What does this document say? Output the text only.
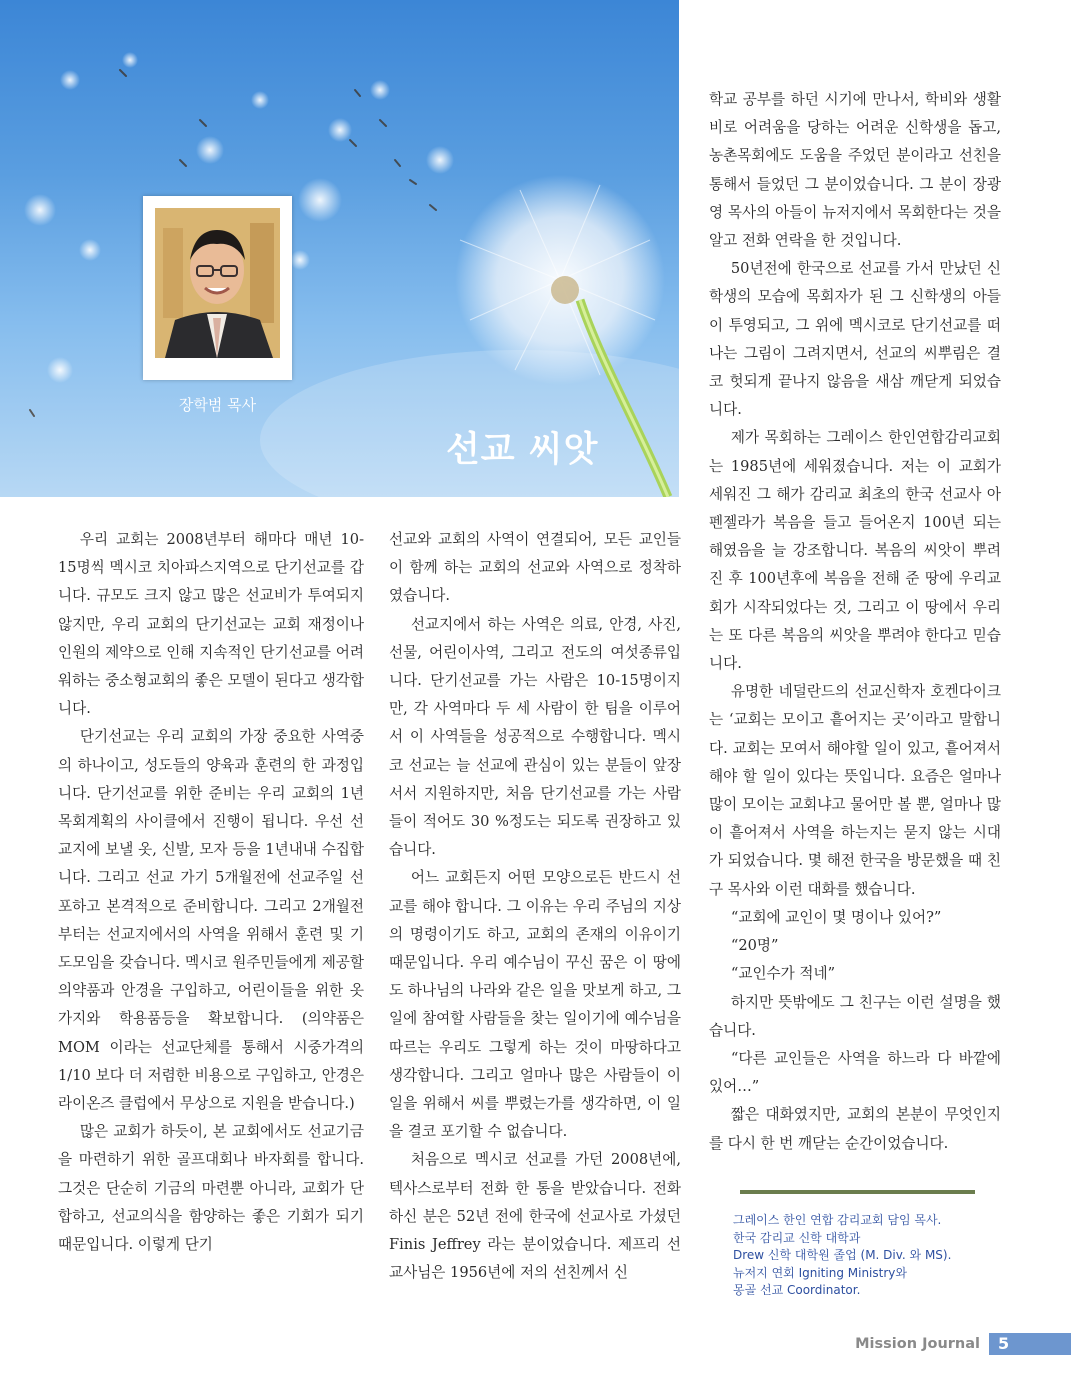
장학범 목사
선교 씨앗

우리 교회는 2008년부터 해마다 매년 10-15명씩 멕시코 치아파스지역으로 단기선교를 갑니다. 규모도 크지 않고 많은 선교비가 투여되지 않지만, 우리 교회의 단기선교는 교회 재정이나 인원의 제약으로 인해 지속적인 단기선교를 어려워하는 중소형교회의 좋은 모델이 된다고 생각합니다.

단기선교는 우리 교회의 가장 중요한 사역중의 하나이고, 성도들의 양육과 훈련의 한 과정입니다. 단기선교를 위한 준비는 우리 교회의 1년 목회계획의 사이클에서 진행이 됩니다. 우선 선교지에 보낼 옷, 신발, 모자 등을 1년내내 수집합니다. 그리고 선교 가기 5개월전에 선교주일 선포하고 본격적으로 준비합니다. 그리고 2개월전부터는 선교지에서의 사역을 위해서 훈련 및 기도모임을 갖습니다. 멕시코 원주민들에게 제공할 의약품과 안경을 구입하고, 어린이들을 위한 옷가지와 학용품등을 확보합니다. (의약품은 MOM 이라는 선교단체를 통해서 시중가격의 1/10 보다 더 저렴한 비용으로 구입하고, 안경은 라이온즈 클럽에서 무상으로 지원을 받습니다.)

많은 교회가 하듯이, 본 교회에서도 선교기금을 마련하기 위한 골프대회나 바자회를 합니다. 그것은 단순히 기금의 마련뿐 아니라, 교회가 단합하고, 선교의식을 함양하는 좋은 기회가 되기 때문입니다. 이렇게 단기

선교와 교회의 사역이 연결되어, 모든 교인들이 함께 하는 교회의 선교와 사역으로 정착하였습니다.

선교지에서 하는 사역은 의료, 안경, 사진, 선물, 어린이사역, 그리고 전도의 여섯종류입니다. 단기선교를 가는 사람은 10-15명이지만, 각 사역마다 두 세 사람이 한 팀을 이루어서 이 사역들을 성공적으로 수행합니다. 멕시코 선교는 늘 선교에 관심이 있는 분들이 앞장서서 지원하지만, 처음 단기선교를 가는 사람들이 적어도 30 %정도는 되도록 권장하고 있습니다.

어느 교회든지 어떤 모양으로든 반드시 선교를 해야 합니다. 그 이유는 우리 주님의 지상의 명령이기도 하고, 교회의 존재의 이유이기 때문입니다. 우리 예수님이 꾸신 꿈은 이 땅에도 하나님의 나라와 같은 일을 맛보게 하고, 그 일에 참여할 사람들을 찾는 일이기에 예수님을 따르는 우리도 그렇게 하는 것이 마땅하다고 생각합니다. 그리고 얼마나 많은 사람들이 이 일을 위해서 씨를 뿌렸는가를 생각하면, 이 일을 결코 포기할 수 없습니다.

처음으로 멕시코 선교를 가던 2008년에, 텍사스로부터 전화 한 통을 받았습니다. 전화하신 분은 52년 전에 한국에 선교사로 가셨던 Finis Jeffrey 라는 분이었습니다. 제프리 선교사님은 1956년에 저의 선친께서 신

학교 공부를 하던 시기에 만나서, 학비와 생활비로 어려움을 당하는 어려운 신학생을 돕고, 농촌목회에도 도움을 주었던 분이라고 선친을 통해서 들었던 그 분이었습니다. 그 분이 장광영 목사의 아들이 뉴저지에서 목회한다는 것을 알고 전화 연락을 한 것입니다.

50년전에 한국으로 선교를 가서 만났던 신학생의 모습에 목회자가 된 그 신학생의 아들이 투영되고, 그 위에 멕시코로 단기선교를 떠나는 그림이 그려지면서, 선교의 씨뿌림은 결코 헛되게 끝나지 않음을 새삼 깨닫게 되었습니다.

제가 목회하는 그레이스 한인연합감리교회는 1985년에 세워졌습니다. 저는 이 교회가 세워진 그 해가 감리교 최초의 한국 선교사 아펜젤라가 복음을 들고 들어온지 100년 되는 해였음을 늘 강조합니다. 복음의 씨앗이 뿌려진 후 100년후에 복음을 전해 준 땅에 우리교회가 시작되었다는 것, 그리고 이 땅에서 우리는 또 다른 복음의 씨앗을 뿌려야 한다고 믿습니다.

유명한 네덜란드의 선교신학자 호켄다이크는 ‘교회는 모이고 흩어지는 곳’이라고 말합니다. 교회는 모여서 해야할 일이 있고, 흩어져서 해야 할 일이 있다는 뜻입니다. 요즘은 얼마나 많이 모이는 교회냐고 물어만 볼 뿐, 얼마나 많이 흩어져서 사역을 하는지는 묻지 않는 시대가 되었습니다. 몇 해전 한국을 방문했을 때 친구 목사와 이런 대화를 했습니다.

“교회에 교인이 몇 명이나 있어?”

“20명”

“교인수가 적네”

하지만 뜻밖에도 그 친구는 이런 설명을 했습니다.

“다른 교인들은 사역을 하느라 다 바깥에 있어…”

짧은 대화였지만, 교회의 본분이 무엇인지를 다시 한 번 깨닫는 순간이었습니다.

그레이스 한인 연합 감리교회 담임 목사.
한국 감리교 신학 대학과
Drew 신학 대학원 졸업 (M. Div. 와 MS).
뉴저지 연회 Igniting Ministry와
몽골 선교 Coordinator.
Mission Journal 5
